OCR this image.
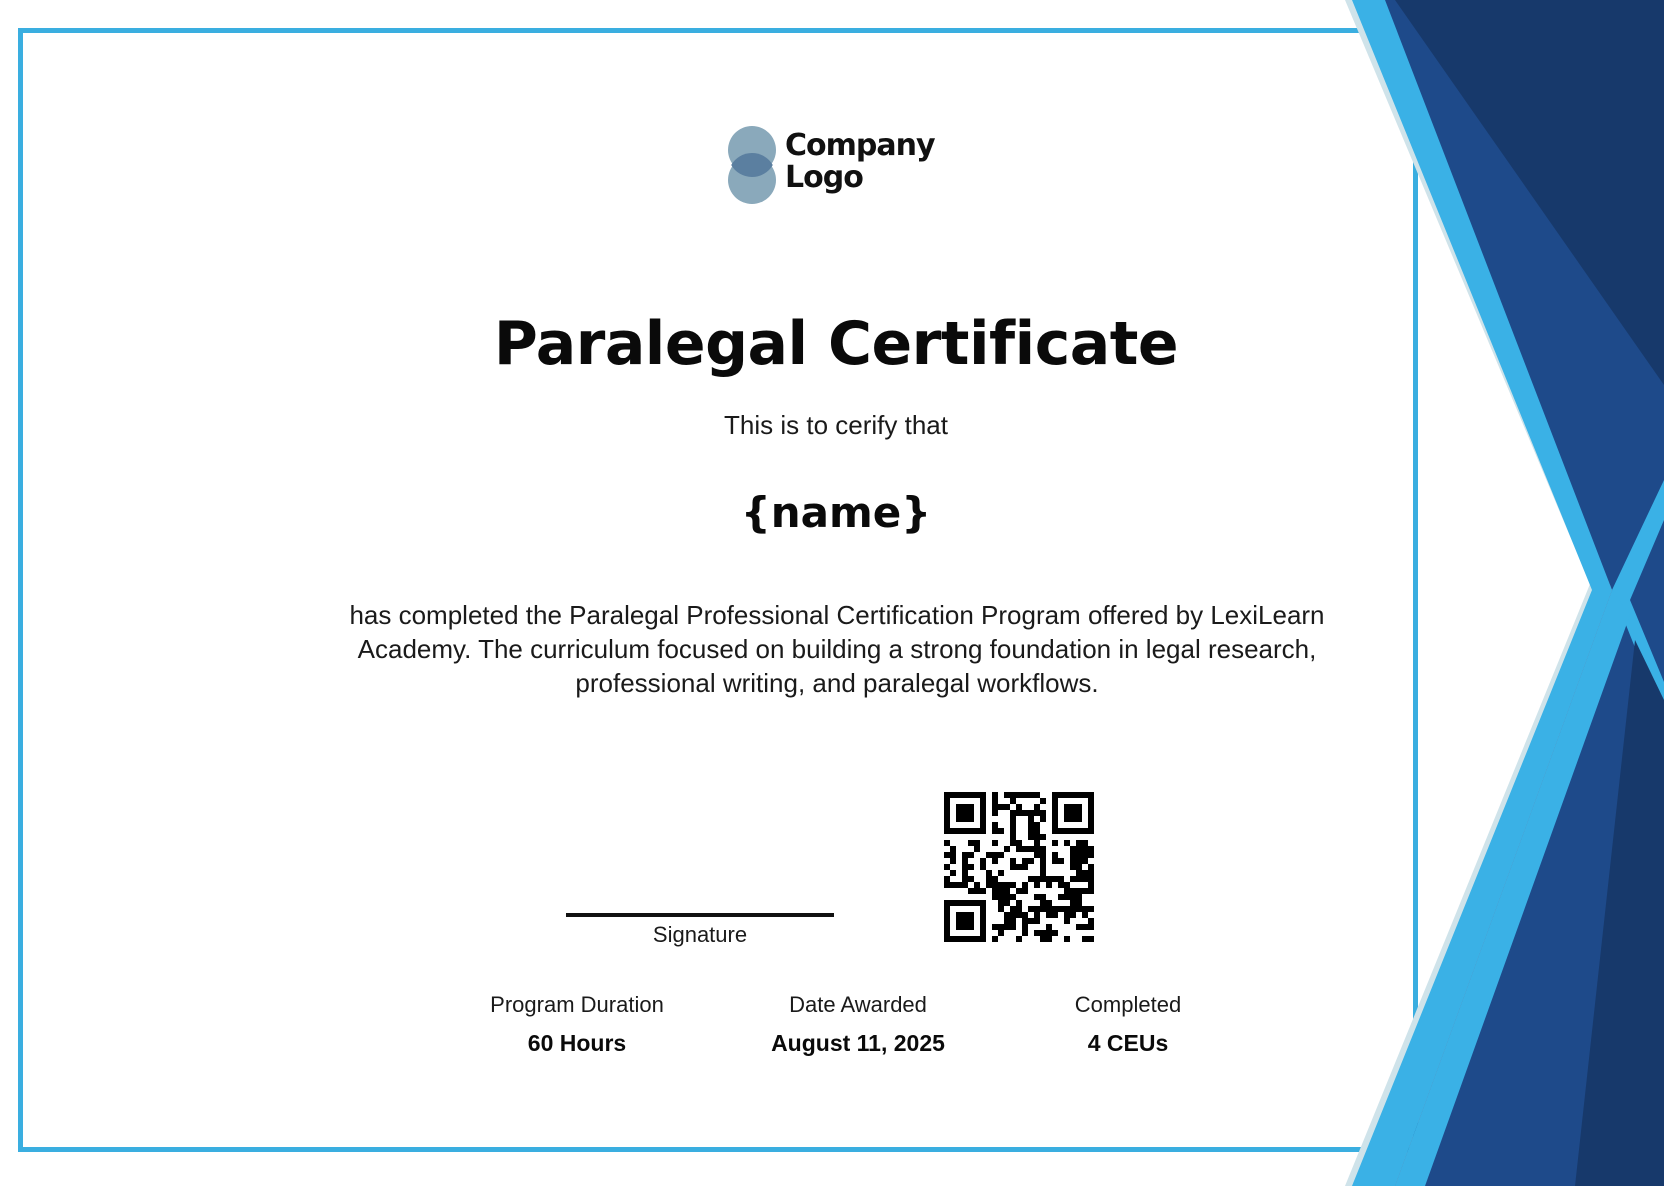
Company
Logo
Paralegal Certificate
This is to cerify that
{name}
has completed the Paralegal Professional Certification Program offered by LexiLearn Academy. The curriculum focused on building a strong foundation in legal research, professional writing, and paralegal workflows.
Signature
Program Duration
60 Hours
Date Awarded
August 11, 2025
Completed
4 CEUs
